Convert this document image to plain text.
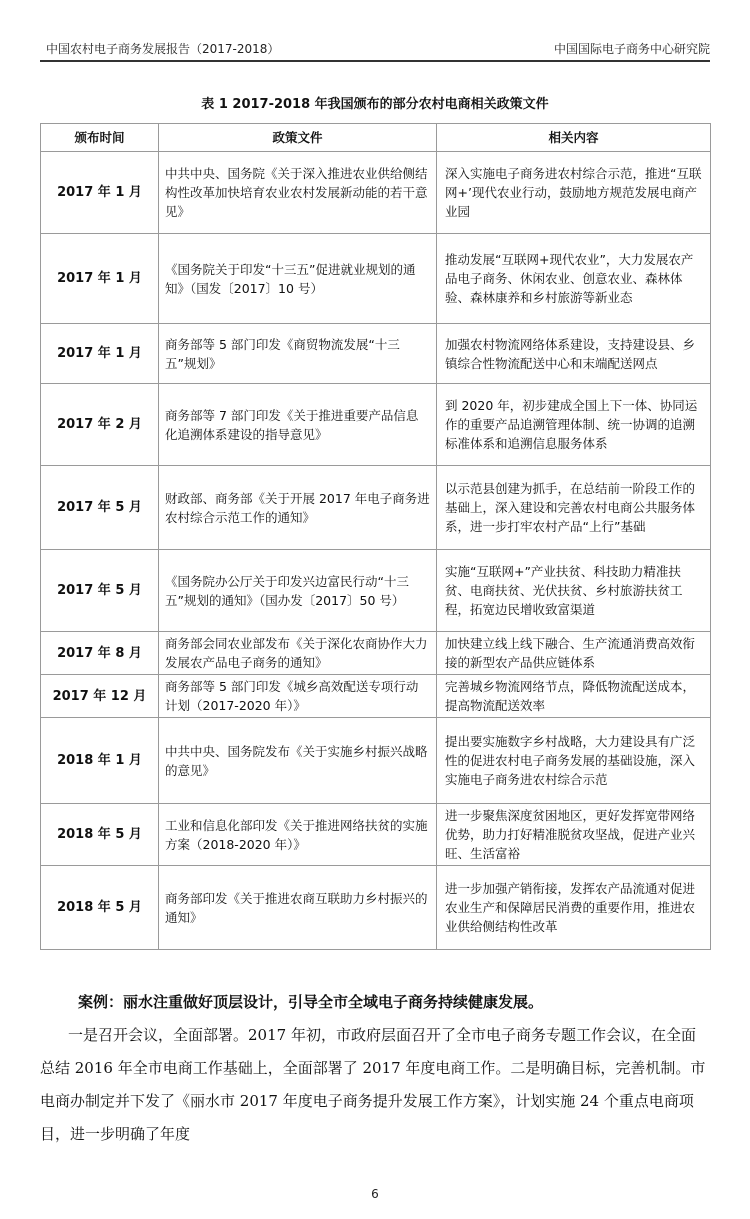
中国农村电子商务发展报告（2017-2018）	中国国际电子商务中心研究院
表 1 2017-2018 年我国颁布的部分农村电商相关政策文件
颁布时间	政策文件	相关内容
2017 年 1 月	中共中央、国务院《关于深入推进农业供给侧结构性改革加快培育农业农村发展新动能的若干意见》	深入实施电子商务进农村综合示范，推进“互联网+’现代农业行动，鼓励地方规范发展电商产业园
2017 年 1 月	《国务院关于印发“十三五”促进就业规划的通知》（国发〔2017〕10 号）	推动发展“互联网+现代农业”，大力发展农产品电子商务、休闲农业、创意农业、森林体验、森林康养和乡村旅游等新业态
2017 年 1 月	商务部等 5 部门印发《商贸物流发展“十三五”规划》	加强农村物流网络体系建设，支持建设县、乡镇综合性物流配送中心和末端配送网点
2017 年 2 月	商务部等 7 部门印发《关于推进重要产品信息化追溯体系建设的指导意见》	到 2020 年，初步建成全国上下一体、协同运作的重要产品追溯管理体制、统一协调的追溯标准体系和追溯信息服务体系
2017 年 5 月	财政部、商务部《关于开展 2017 年电子商务进农村综合示范工作的通知》	以示范县创建为抓手，在总结前一阶段工作的基础上，深入建设和完善农村电商公共服务体系，进一步打牢农村产品“上行”基础
2017 年 5 月	《国务院办公厅关于印发兴边富民行动“十三五”规划的通知》（国办发〔2017〕50 号）	实施“互联网+”产业扶贫、科技助力精准扶贫、电商扶贫、光伏扶贫、乡村旅游扶贫工程，拓宽边民增收致富渠道
2017 年 8 月	商务部会同农业部发布《关于深化农商协作大力发展农产品电子商务的通知》	加快建立线上线下融合、生产流通消费高效衔接的新型农产品供应链体系
2017 年 12 月	商务部等 5 部门印发《城乡高效配送专项行动计划（2017-2020 年）》	完善城乡物流网络节点，降低物流配送成本，提高物流配送效率
2018 年 1 月	中共中央、国务院发布《关于实施乡村振兴战略的意见》	提出要实施数字乡村战略，大力建设具有广泛性的促进农村电子商务发展的基础设施，深入实施电子商务进农村综合示范
2018 年 5 月	工业和信息化部印发《关于推进网络扶贫的实施方案（2018-2020 年）》	进一步聚焦深度贫困地区，更好发挥宽带网络优势，助力打好精准脱贫攻坚战，促进产业兴旺、生活富裕
2018 年 5 月	商务部印发《关于推进农商互联助力乡村振兴的通知》	进一步加强产销衔接，发挥农产品流通对促进农业生产和保障居民消费的重要作用，推进农业供给侧结构性改革
案例：丽水注重做好顶层设计，引导全市全域电子商务持续健康发展。

一是召开会议，全面部署。2017 年初，市政府层面召开了全市电子商务专题工作会议，在全面总结 2016 年全市电商工作基础上，全面部署了 2017 年度电商工作。二是明确目标，完善机制。市电商办制定并下发了《丽水市 2017 年度电子商务提升发展工作方案》，计划实施 24 个重点电商项目，进一步明确了年度

6
